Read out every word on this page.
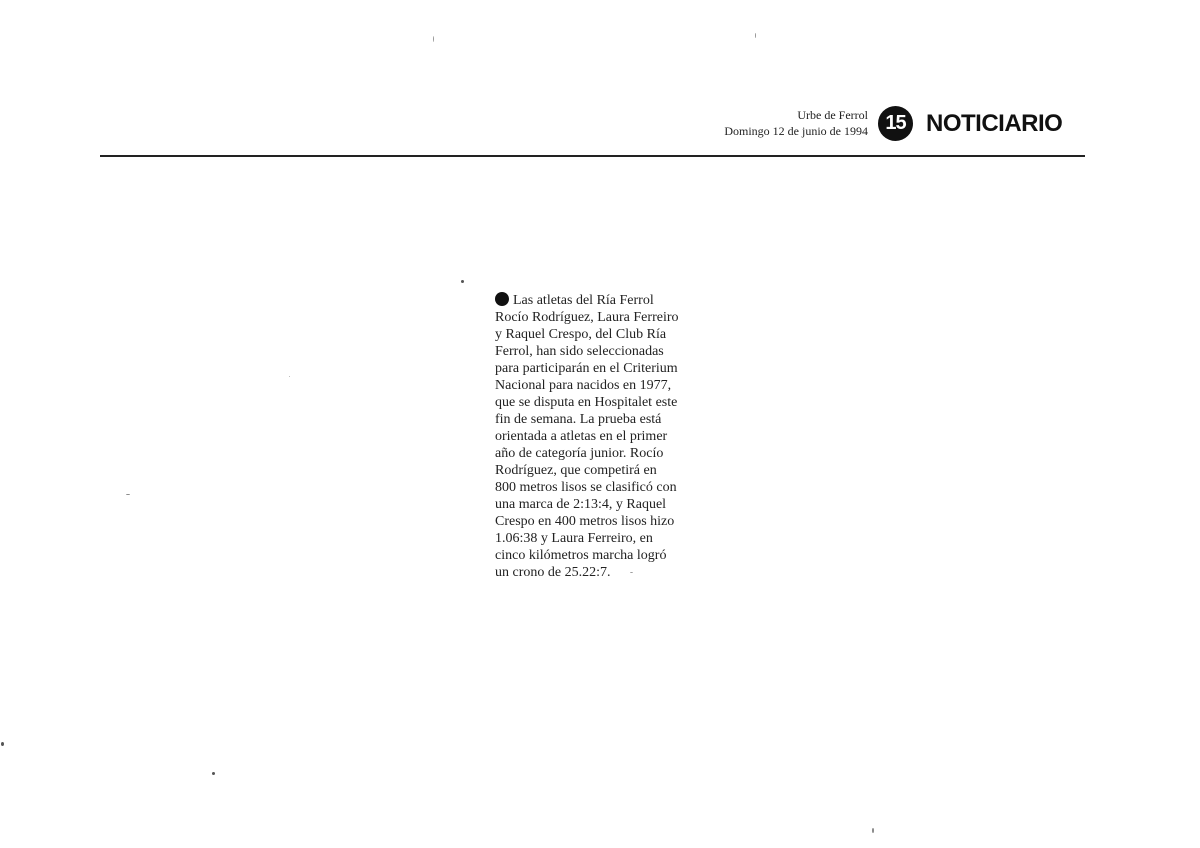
Urbe de Ferrol
Domingo 12 de junio de 1994 15 NOTICIARIO
Las atletas del Ría Ferrol
Rocío Rodríguez, Laura Ferreiro
y Raquel Crespo, del Club Ría
Ferrol, han sido seleccionadas
para participarán en el Criterium
Nacional para nacidos en 1977,
que se disputa en Hospitalet este
fin de semana. La prueba está
orientada a atletas en el primer
año de categoría junior. Rocío
Rodríguez, que competirá en
800 metros lisos se clasificó con
una marca de 2:13:4, y Raquel
Crespo en 400 metros lisos hizo
1.06:38 y Laura Ferreiro, en
cinco kilómetros marcha logró
un crono de 25.22:7.
